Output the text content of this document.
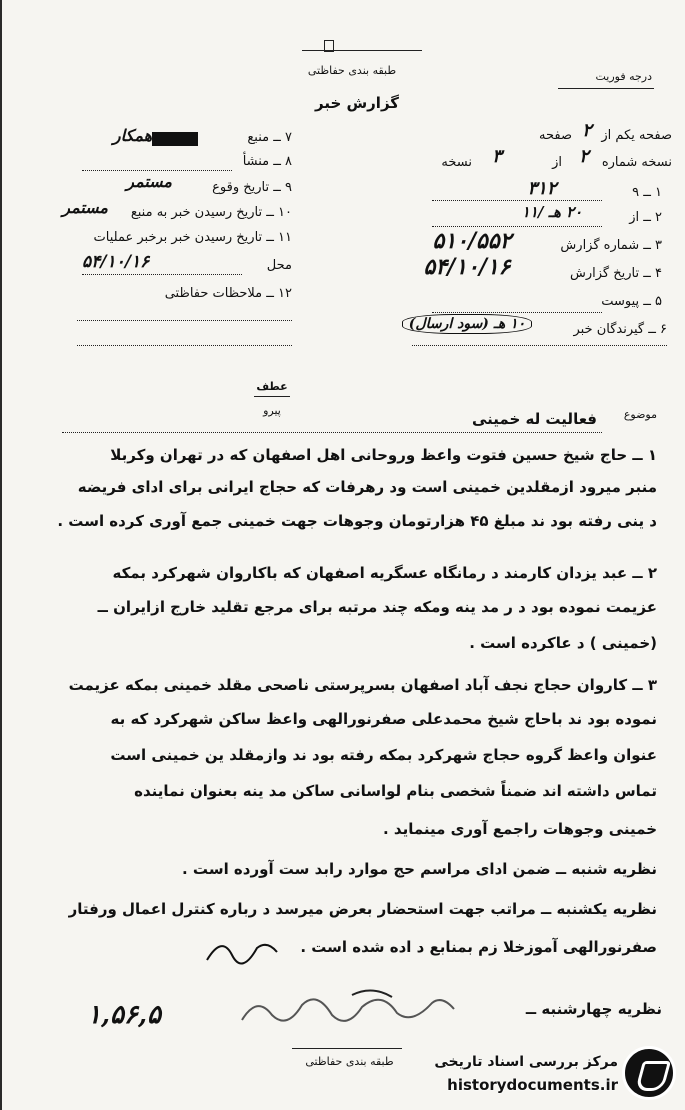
طبقه بندی حفاظتی
گزارش خبر
درجه فوریت
۷ ــ منبع
همکار
۸ ــ منشأ
۹ ــ تاریخ وقوع
مستمر
۱۰ ــ تاریخ رسیدن خبر به منبع
مستمر
۱۱ ــ تاریخ رسیدن خبر برخبر عملیات
محل
۵۴/۱۰/۱۶
۱۲ ــ ملاحظات حفاظتی
صفحه یکم از
۲
صفحه
نسخه شماره
۲
از
۳
نسخه
۱ ــ ۹
۳۱۲
۲ ــ از
۲۰ هـ /۱۱
۳ ــ شماره گزارش
۵۱۰/۵۵۲
۴ ــ تاریخ گزارش
۵۴/۱۰/۱۶
۵ ــ پیوست
۶ ــ گیرندگان خبر
۱۰ هـ (سود ارسال)
عطف
پیرو	موضوع
فعالیت له خمینی
۱ ــ حاج شیخ حسین فتوت واعظ وروحانی اهل اصفهان که در تهران وکربلا
منبر میرود ازمقلدین خمینی است ود رهرفات که حجاج ایرانی برای ادای فریضه
د ینی رفته بود ند مبلغ ۴۵ هزارتومان وجوهات جهت خمینی جمع آوری کرده است .
۲ ــ عبد یزدان کارمند د رمانگاه عسگریه اصفهان که باکاروان شهرکرد بمکه
عزیمت نموده بود د ر مد ینه ومکه چند مرتبه برای مرجع تقلید خارج ازایران ــ
(خمینی ) د عاکرده است .
۳ ــ کاروان حجاج نجف آباد اصفهان بسرپرستی ناصحی مقلد خمینی بمکه عزیمت
نموده بود ند باحاج شیخ محمدعلی صفرنورالهی واعظ ساکن شهرکرد که به
عنوان واعظ گروه حجاج شهرکرد بمکه رفته بود ند وازمقلد ین خمینی است
تماس داشته اند ضمناً شخصی بنام لواسانی ساکن مد ینه بعنوان نماینده
خمینی وجوهات راجمع آوری مینماید .
نظریه شنبه ــ ضمن ادای مراسم حج موارد رابد ست آورده است .
نظریه یکشنبه ــ مراتب جهت استحضار بعرض میرسد د رباره کنترل اعمال ورفتار
صفرنورالهی آموزخلا زم بمنابع د اده شده است .
نظریه چهارشنبه ــ
۱,۵۶,۵
طبقه بندی حفاظتی	مرکز بررسی اسناد تاریخی
historydocuments.ir
